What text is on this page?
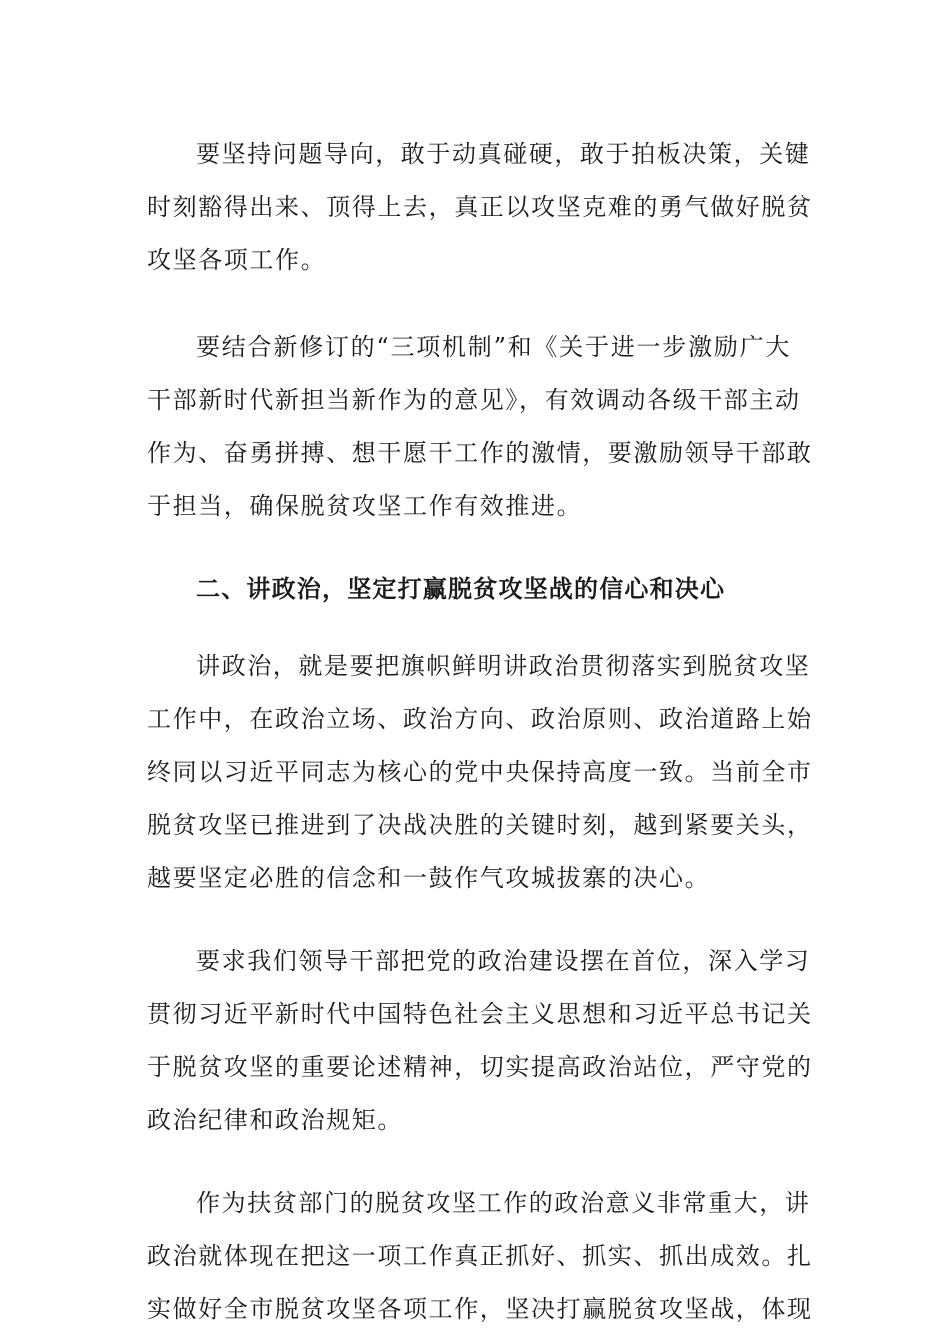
要坚持问题导向，敢于动真碰硬，敢于拍板决策，关键
时刻豁得出来、顶得上去，真正以攻坚克难的勇气做好脱贫
攻坚各项工作。
要结合新修订的“三项机制”和《关于进一步激励广大
干部新时代新担当新作为的意见》，有效调动各级干部主动
作为、奋勇拼搏、想干愿干工作的激情，要激励领导干部敢
于担当，确保脱贫攻坚工作有效推进。
二、讲政治，坚定打赢脱贫攻坚战的信心和决心
讲政治，就是要把旗帜鲜明讲政治贯彻落实到脱贫攻坚
工作中，在政治立场、政治方向、政治原则、政治道路上始
终同以习近平同志为核心的党中央保持高度一致。当前全市
脱贫攻坚已推进到了决战决胜的关键时刻，越到紧要关头，
越要坚定必胜的信念和一鼓作气攻城拔寨的决心。
要求我们领导干部把党的政治建设摆在首位，深入学习
贯彻习近平新时代中国特色社会主义思想和习近平总书记关
于脱贫攻坚的重要论述精神，切实提高政治站位，严守党的
政治纪律和政治规矩。
作为扶贫部门的脱贫攻坚工作的政治意义非常重大，讲
政治就体现在把这一项工作真正抓好、抓实、抓出成效。扎
实做好全市脱贫攻坚各项工作，坚决打赢脱贫攻坚战，体现
